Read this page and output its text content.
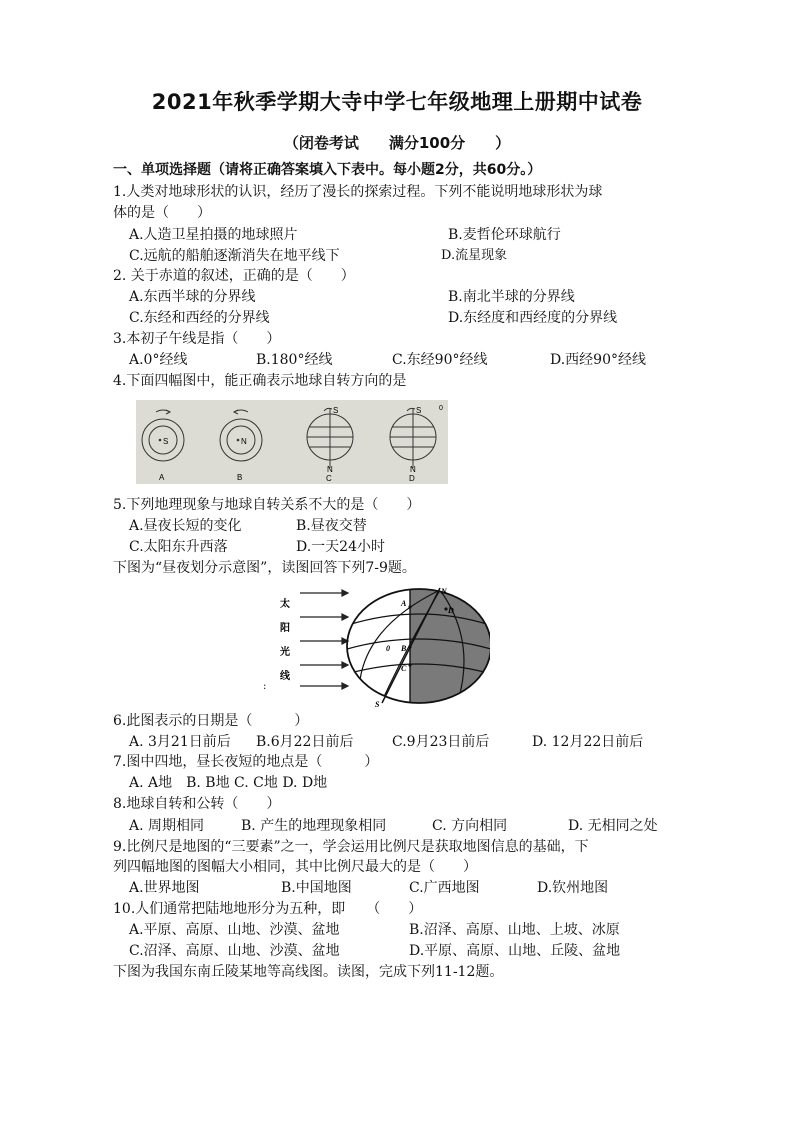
2021年秋季学期大寺中学七年级地理上册期中试卷
（闭卷考试　　满分100分　　）
一、单项选择题（请将正确答案填入下表中。每小题2分，共60分。）
1.人类对地球形状的认识，经历了漫长的探索过程。下列不能说明地球形状为球
体的是（　　）
A.人造卫星拍摄的地球照片	B.麦哲伦环球航行
C.远航的船舶逐渐消失在地平线下	D.流星现象
2. 关于赤道的叙述，正确的是（　　）
A.东西半球的分界线	B.南北半球的分界线
C.东经和西经的分界线	D.东经度和西经度的分界线
3.本初子午线是指（　　）
A.0°经线	B.180°经线	C.东经90°经线	D.西经90°经线
4.下面四幅图中，能正确表示地球自转方向的是
S
A
N
B
S
N
C
S
N
D
0
5.下列地理现象与地球自转关系不大的是（　　）
A.昼夜长短的变化	B.昼夜交替
C.太阳东升西落	D.一天24小时
下图为“昼夜划分示意图”，读图回答下列7-9题。
太
阳
光
线
:
N
S
A
B
C
D
0
6.此图表示的日期是（　　　）
A. 3月21日前后 B.6月22日前后	C.9月23日前后	D. 12月22日前后
7.图中四地，昼长夜短的地点是（　　　）
A. A地　B. B地 C. C地 D. D地
8.地球自转和公转（　　）
A. 周期相同	B. 产生的地理现象相同	C. 方向相同	D. 无相同之处
9.比例尺是地图的“三要素”之一，学会运用比例尺是获取地图信息的基础，下
列四幅地图的图幅大小相同，其中比例尺最大的是（　　）
A.世界地图	B.中国地图	C.广西地图	D.钦州地图
10.人们通常把陆地地形分为五种，即　　（　　）
A.平原、高原、山地、沙漠、盆地	B.沼泽、高原、山地、上坡、冰原
C.沼泽、高原、山地、沙漠、盆地	D.平原、高原、山地、丘陵、盆地
下图为我国东南丘陵某地等高线图。读图，完成下列11-12题。
